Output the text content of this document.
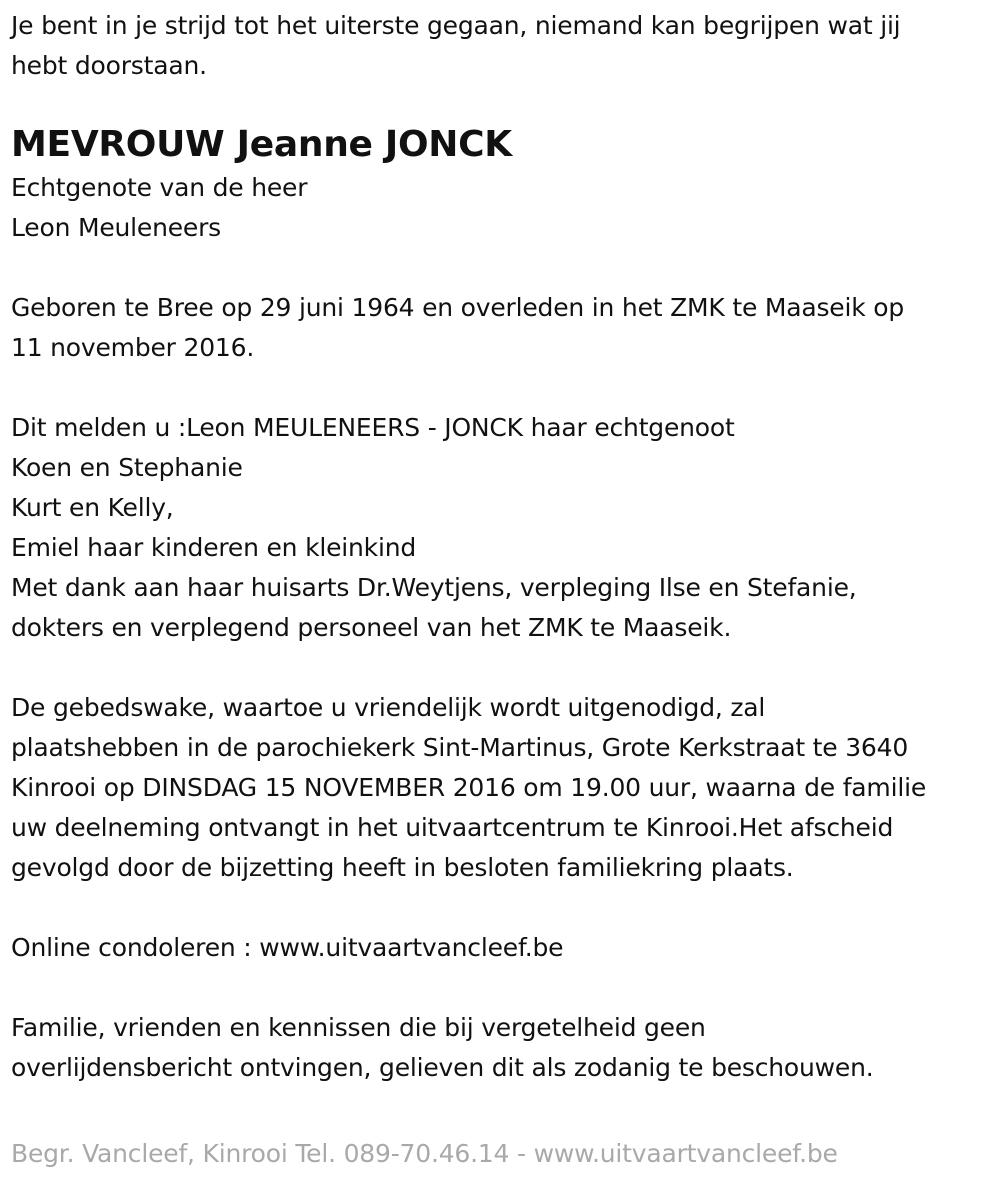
Je bent in je strijd tot het uiterste gegaan, niemand kan begrijpen wat jij
hebt doorstaan.
MEVROUW Jeanne JONCK
Echtgenote van de heer
Leon Meuleneers
Geboren te Bree op 29 juni 1964 en overleden in het ZMK te Maaseik op
11 november 2016.
Dit melden u :Leon MEULENEERS - JONCK haar echtgenoot
Koen en Stephanie
Kurt en Kelly,
Emiel haar kinderen en kleinkind
Met dank aan haar huisarts Dr.Weytjens, verpleging Ilse en Stefanie,
dokters en verplegend personeel van het ZMK te Maaseik.
De gebedswake, waartoe u vriendelijk wordt uitgenodigd, zal
plaatshebben in de parochiekerk Sint-Martinus, Grote Kerkstraat te 3640
Kinrooi op DINSDAG 15 NOVEMBER 2016 om 19.00 uur, waarna de familie
uw deelneming ontvangt in het uitvaartcentrum te Kinrooi.Het afscheid
gevolgd door de bijzetting heeft in besloten familiekring plaats.
Online condoleren : www.uitvaartvancleef.be
Familie, vrienden en kennissen die bij vergetelheid geen
overlijdensbericht ontvingen, gelieven dit als zodanig te beschouwen.
Begr. Vancleef, Kinrooi Tel. 089-70.46.14 - www.uitvaartvancleef.be
